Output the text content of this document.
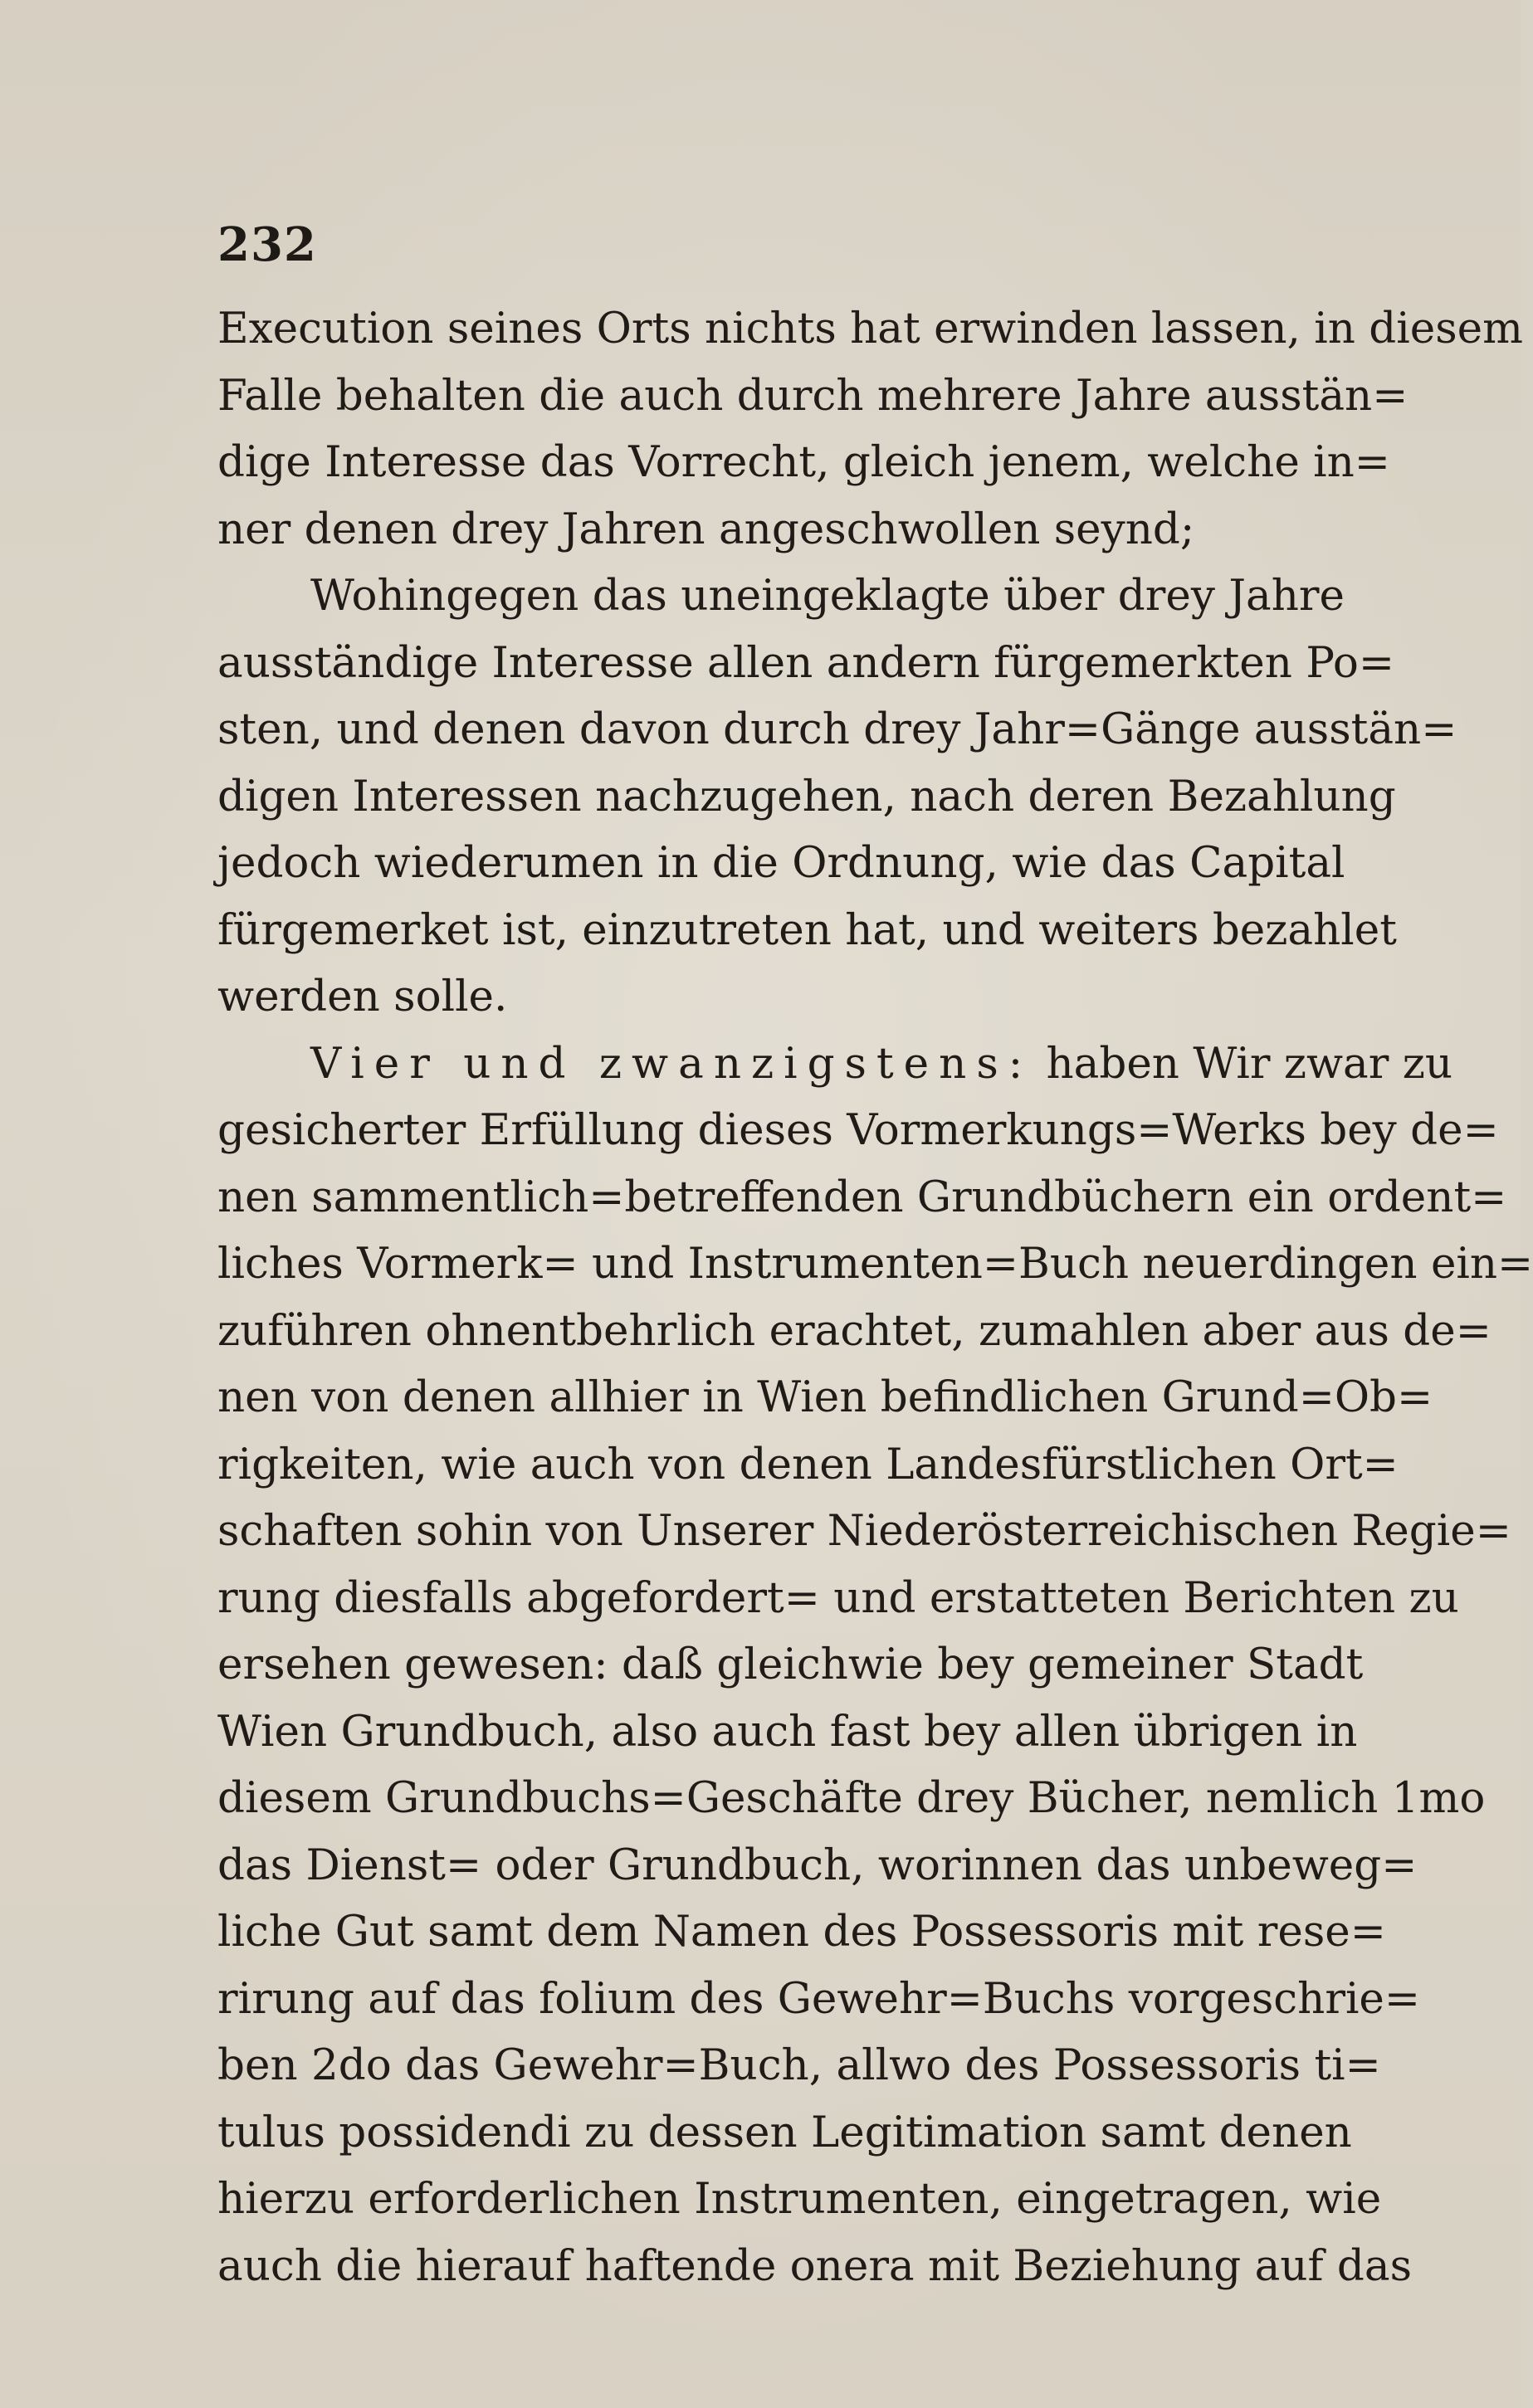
232
Execution seines Orts nichts hat erwinden lassen, in diesem
Falle behalten die auch durch mehrere Jahre ausstän=
dige Interesse das Vorrecht, gleich jenem, welche in=
ner denen drey Jahren angeschwollen seynd;
Wohingegen das uneingeklagte über drey Jahre
ausständige Interesse allen andern fürgemerkten Po=
sten, und denen davon durch drey Jahr=Gänge ausstän=
digen Interessen nachzugehen, nach deren Bezahlung
jedoch wiederumen in die Ordnung, wie das Capital
fürgemerket ist, einzutreten hat, und weiters bezahlet
werden solle.
Vier und zwanzigstens: haben Wir zwar zu
gesicherter Erfüllung dieses Vormerkungs=Werks bey de=
nen sammentlich=betreffenden Grundbüchern ein ordent=
liches Vormerk= und Instrumenten=Buch neuerdingen ein=
zuführen ohnentbehrlich erachtet, zumahlen aber aus de=
nen von denen allhier in Wien befindlichen Grund=Ob=
rigkeiten, wie auch von denen Landesfürstlichen Ort=
schaften sohin von Unserer Niederösterreichischen Regie=
rung diesfalls abgefordert= und erstatteten Berichten zu
ersehen gewesen: daß gleichwie bey gemeiner Stadt
Wien Grundbuch, also auch fast bey allen übrigen in
diesem Grundbuchs=Geschäfte drey Bücher, nemlich 1mo
das Dienst= oder Grundbuch, worinnen das unbeweg=
liche Gut samt dem Namen des Possessoris mit rese=
rirung auf das folium des Gewehr=Buchs vorgeschrie=
ben 2do das Gewehr=Buch, allwo des Possessoris ti=
tulus possidendi zu dessen Legitimation samt denen
hierzu erforderlichen Instrumenten, eingetragen, wie
auch die hierauf haftende onera mit Beziehung auf das
